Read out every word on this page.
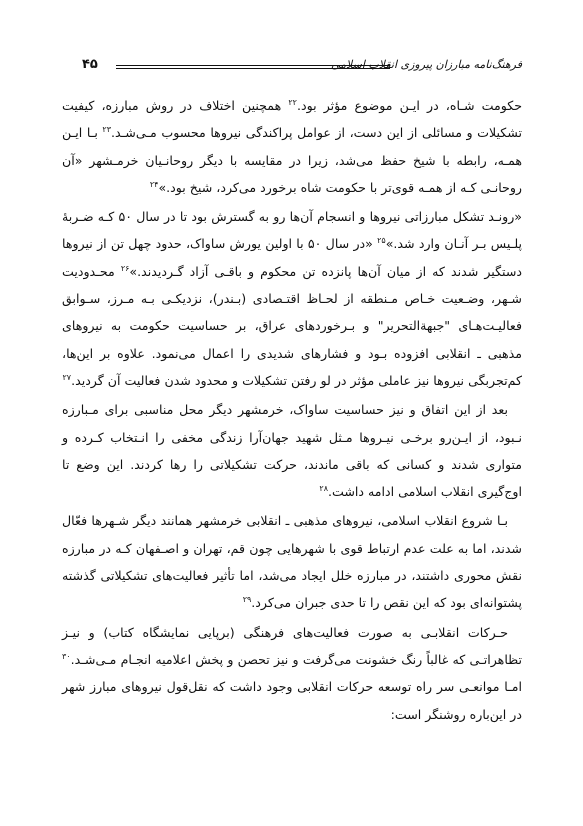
فرهنگ‌نامه مبارزان پیروزی انقلاب اسلامی
۴۵

حکومت شـاه، در ایـن موضوع مؤثر بود.$^{۲۲}$ همچنین اختلاف در روش مبارزه، کیفیت تشکیلات و مسائلی از این دست، از عوامل پراکندگی نیروها محسوب مـی‌شـد.$^{۲۳}$ بـا ایـن همـه، رابطه با شیخ حفظ می‌شد، زیرا در مقایسه با دیگر روحانـیان خرمـشهر «آن روحانـی کـه از همـه قوی‌تر با حکومت شاه برخورد می‌کرد، شیخ بود.»$^{۲۴}$

«رونـد تشکل مبارزاتی نیروها و انسجام آن‌ها رو به گسترش بود تا در سال ۵۰ کـه ضـربهٔ پلـیس بـر آنـان وارد شد.»$^{۲۵}$ «در سال ۵۰ با اولین یورش ساواک، حدود چهل تن از نیروها دستگیر شدند که از میان آن‌ها پانزده تن محکوم و باقـی آزاد گـردیدند.»$^{۲۶}$ محـدودیت شـهر، وضـعیت خـاص مـنطقه از لحـاظ اقتـصادی (بـندر)، نزدیکـی بـه مـرز، سـوابق فعالیـت‌هـای "جبهة‌التحریر" و بـرخوردهای عراق، بر حساسیت حکومت به نیروهای مذهبی ـ انقلابی افزوده بـود و فشارهای شدیدی را اعمال می‌نمود. علاوه بر این‌ها، کم‌تجربگی نیروها نیز عاملی مؤثر در لو رفتن تشکیلات و محدود شدن فعالیت آن گردید.$^{۲۷}$

بعد از این اتفاق و نیز حساسیت ساواک، خرمشهر دیگر محل مناسبی برای مـبارزه نـبود، از ایـن‌رو برخـی نیـروها مـثل شهید جهان‌آرا زندگی مخفی را انـتخاب کـرده و متواری شدند و کسانی که باقی ماندند، حرکت تشکیلاتی را رها کردند. این وضع تا اوج‌گیری انقلاب اسلامی ادامه داشت.$^{۲۸}$

بـا شروع انقلاب اسلامی، نیروهای مذهبی ـ انقلابی خرمشهر همانند دیگر شـهرها فعّال شدند، اما به علت عدم ارتباط قوی با شهرهایی چون قم، تهران و اصـفهان کـه در مبارزه نقش محوری داشتند، در مبارزه خلل ایجاد می‌شد، اما تأثیر فعالیت‌های تشکیلاتی گذشته پشتوانه‌ای بود که این نقص را تا حدی جبران می‌کرد.$^{۲۹}$

حـرکات انقلابـی به صورت فعالیت‌های فرهنگی (برپایی نمایشگاه کتاب) و نیـز تظاهراتـی که غالباً رنگ خشونت می‌گرفت و نیز تحصن و پخش اعلامیه انجـام مـی‌شـد.$^{۳۰}$ امـا موانعـی سر راه توسعه حرکات انقلابی وجود داشت که نقل‌قول نیروهای مبارز شهر در این‌باره روشنگر است:
